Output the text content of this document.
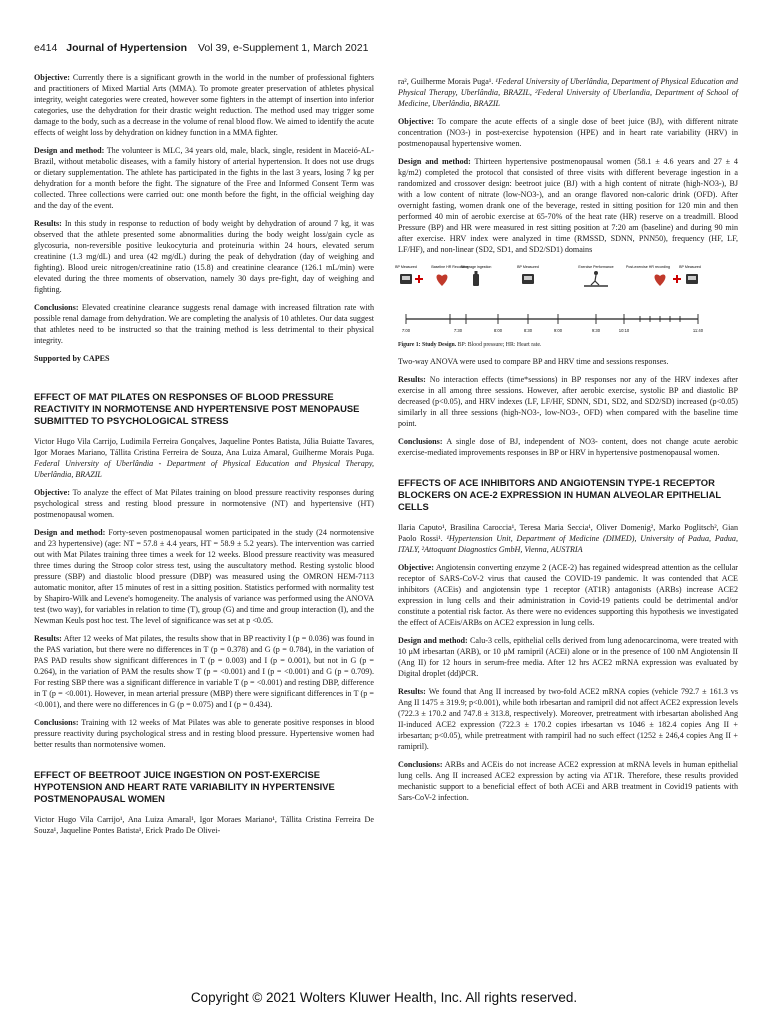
e414 Journal of Hypertension Vol 39, e-Supplement 1, March 2021

Objective: Currently there is a significant growth in the world in the number of professional fighters and practitioners of Mixed Martial Arts (MMA). To promote greater preservation of athletes physical integrity, weight categories were created, however some fighters in the attempt of insertion into inferior categories, use the dehydration for their drastic weight reduction. The method used may trigger some damage to the body, such as a decrease in the volume of renal blood flow. We aimed to identify the acute effects of weight loss by dehydration on kidney function in a MMA fighter.

Design and method: The volunteer is MLC, 34 years old, male, black, single, resident in Maceió-AL-Brazil, without metabolic diseases, with a family history of arterial hypertension. It does not use drugs or dietary supplementation. The athlete has participated in the fights in the last 3 years, losing 7 kg per dehydration for a month before the fight. The signature of the Free and Informed Consent Term was collected. Three collections were carried out: one month before the fight, in the official weighing day and the day of the event.

Results: In this study in response to reduction of body weight by dehydration of around 7 kg, it was observed that the athlete presented some abnormalities during the body weight loss/gain cycle as glycosuria, non-reversible positive leukocyturia and proteinuria within 24 hours, elevated serum creatinine (1.3 mg/dL) and urea (42 mg/dL) during the peak of dehydration (day of weighing and fighting). Blood ureic nitrogen/creatinine ratio (15.8) and creatinine clearance (126.1 mL/min) were elevated during the three moments of observation, namely 30 days pre-fight, day of weighing and fighting.

Conclusions: Elevated creatinine clearance suggests renal damage with increased filtration rate with possible renal damage from dehydration. We are completing the analysis of 10 athletes. Our data suggest that athletes need to be instructed so that the training method is less detrimental to their physical integrity.

Supported by CAPES

EFFECT OF MAT PILATES ON RESPONSES OF BLOOD PRESSURE REACTIVITY IN NORMOTENSE AND HYPERTENSIVE POST MENOPAUSE SUBMITTED TO PSYCHOLOGICAL STRESS

Victor Hugo Vila Carrijo, Ludimila Ferreira Gonçalves, Jaqueline Pontes Batista, Júlia Buiatte Tavares, Igor Moraes Mariano, Tállita Cristina Ferreira de Souza, Ana Luiza Amaral, Guilherme Morais Puga. Federal University of Uberlândia - Department of Physical Education and Physical Therapy, Uberlândia, BRAZIL

Objective: To analyze the effect of Mat Pilates training on blood pressure reactivity responses during psychological stress and resting blood pressure in normotensive (NT) and hypertensive (HT) postmenopausal women.

Design and method: Forty-seven postmenopausal women participated in the study (24 normotensive and 23 hypertensive) (age: NT = 57.8 ± 4.4 years, HT = 58.9 ± 5.2 years). The intervention was carried out with Mat Pilates training three times a week for 12 weeks. Blood pressure reactivity was measured three times during the Stroop color stress test, using the auscultatory method. Resting systolic blood pressure (SBP) and diastolic blood pressure (DBP) was measured using the OMRON HEM-7113 automatic monitor, after 15 minutes of rest in a sitting position. Statistics performed with normality test by Shapiro-Wilk and Levene's homogeneity. The analysis of variance was performed using the ANOVA test (two way), for variables in relation to time (T), group (G) and time and group interaction (I), and the Newman Keuls post hoc test. The level of significance was set at p <0.05.

Results: After 12 weeks of Mat pilates, the results show that in BP reactivity I (p = 0.036) was found in the PAS variation, but there were no differences in T (p = 0.378) and G (p = 0.784), in the variation of PAS PAD results show significant differences in T (p = 0.003) and I (p = 0.001), but not in G (p = 0.264), in the variation of PAM the results show T (p = <0.001) and I (p = <0.001) and G (p = 0.709). For resting SBP there was a significant difference in variable T (p = <0.001) and resting DBP, difference in T (p = <0.001). However, in mean arterial pressure (MBP) there were significant differences in T (p = <0.001), and there were no differences in G (p = 0.075) and I (p = 0.434).

Conclusions: Training with 12 weeks of Mat Pilates was able to generate positive responses in blood pressure reactivity during psychological stress and in resting blood pressure. Hypertensive women had better results than normotensive women.

EFFECT OF BEETROOT JUICE INGESTION ON POST-EXERCISE HYPOTENSION AND HEART RATE VARIABILITY IN HYPERTENSIVE POSTMENOPAUSAL WOMEN

Victor Hugo Vila Carrijo¹, Ana Luiza Amaral¹, Igor Moraes Mariano¹, Tállita Cristina Ferreira De Souza¹, Jaqueline Pontes Batista¹, Erick Prado De Olivei-

ra², Guilherme Morais Puga¹. ¹Federal University of Uberlândia, Department of Physical Education and Physical Therapy, Uberlândia, BRAZIL, ²Federal University of Uberlandia, Department of School of Medicine, Uberlândia, BRAZIL

Objective: To compare the acute effects of a single dose of beet juice (BJ), with different nitrate concentration (NO3-) in post-exercise hypotension (HPE) and in heart rate variability (HRV) in postmenopausal hypertensive women.

Design and method: Thirteen hypertensive postmenopausal women (58.1 ± 4.6 years and 27 ± 4 kg/m2) completed the protocol that consisted of three visits with different beverage ingestion in a randomized and crossover design: beetroot juice (BJ) with a high content of nitrate (high-NO3-), BJ with a low content of nitrate (low-NO3-), and an orange flavored non-caloric drink (OFD). After overnight fasting, women drank one of the beverage, rested in sitting position for 120 min and then performed 40 min of aerobic exercise at 65-70% of the heat rate (HR) reserve on a treadmill. Blood Pressure (BP) and HR were measured in rest sitting position at 7:20 am (baseline) and during 90 min after exercise. HRV index were analyzed in time (RMSSD, SDNN, PNN50), frequency (HF, LF, LF/HF), and non-linear (SD2, SD1, and SD2/SD1) domains

BP Measured	Baseline HR Recording
Beverage ingestion	BP Measured	Exercise Performance	Post-exercise HR recording	BP Measured
7:00	7:30	8:00	8:30	9:00	9:30	10:10	11:40
Figure 1: Study Design. BP: Blood pressure; HR: Heart rate.

Two-way ANOVA were used to compare BP and HRV time and sessions responses.

Results: No interaction effects (time*sessions) in BP responses nor any of the HRV indexes after exercise in all among three sessions. However, after aerobic exercise, systolic BP and diastolic BP decreased (p<0.05), and HRV indexes (LF, LF/HF, SDNN, SD1, SD2, and SD2/SD) increased (p<0.05) similarly in all three sessions (high-NO3-, low-NO3-, OFD) when compared with the baseline time point.

Conclusions: A single dose of BJ, independent of NO3- content, does not change acute aerobic exercise-mediated improvements responses in BP or HRV in hypertensive postmenopausal women.

EFFECTS OF ACE INHIBITORS AND ANGIOTENSIN TYPE-1 RECEPTOR BLOCKERS ON ACE-2 EXPRESSION IN HUMAN ALVEOLAR EPITHELIAL CELLS

Ilaria Caputo¹, Brasilina Caroccia¹, Teresa Maria Seccia¹, Oliver Domenig², Marko Poglitsch², Gian Paolo Rossi¹. ¹Hypertension Unit, Department of Medicine (DIMED), University of Padua, Padua, ITALY, ²Attoquant Diagnostics GmbH, Vienna, AUSTRIA

Objective: Angiotensin converting enzyme 2 (ACE-2) has regained widespread attention as the cellular receptor of SARS-CoV-2 virus that caused the COVID-19 pandemic. It was contended that ACE inhibitors (ACEis) and angiotensin type 1 receptor (AT1R) antagonists (ARBs) increase ACE2 expression in lung cells and their administration in Covid-19 patients could be detrimental and/or constitute a potential risk factor. As there were no evidences supporting this hypothesis we investigated the effect of ACEis/ARBs on ACE2 expression in lung cells.

Design and method: Calu-3 cells, epithelial cells derived from lung adenocarcinoma, were treated with 10 μM irbesartan (ARB), or 10 μM ramipril (ACEi) alone or in the presence of 100 nM Angiotensin II (Ang II) for 12 hours in serum-free media. After 12 hrs ACE2 mRNA expression was evaluated by Digital droplet (dd)PCR.

Results: We found that Ang II increased by two-fold ACE2 mRNA copies (vehicle 792.7 ± 161.3 vs Ang II 1475 ± 319.9; p<0.001), while both irbesartan and ramipril did not affect ACE2 expression levels (722.3 ± 170.2 and 747.8 ± 313.8, respectively). Moreover, pretreatment with irbesartan abolished Ang II-induced ACE2 expression (722.3 ± 170.2 copies irbesartan vs 1046 ± 182.4 copies Ang II + irbesartan; p<0.05), while pretreatment with rampiril had no such effect (1252 ± 246,4 copies Ang II + ramipril).

Conclusions: ARBs and ACEis do not increase ACE2 expression at mRNA levels in human epithelial lung cells. Ang II increased ACE2 expression by acting via AT1R. Therefore, these results provided mechanistic support to a beneficial effect of both ACEi and ARB treatment in Covid19 patients with Sars-CoV-2 infection.

Copyright © 2021 Wolters Kluwer Health, Inc. All rights reserved.
